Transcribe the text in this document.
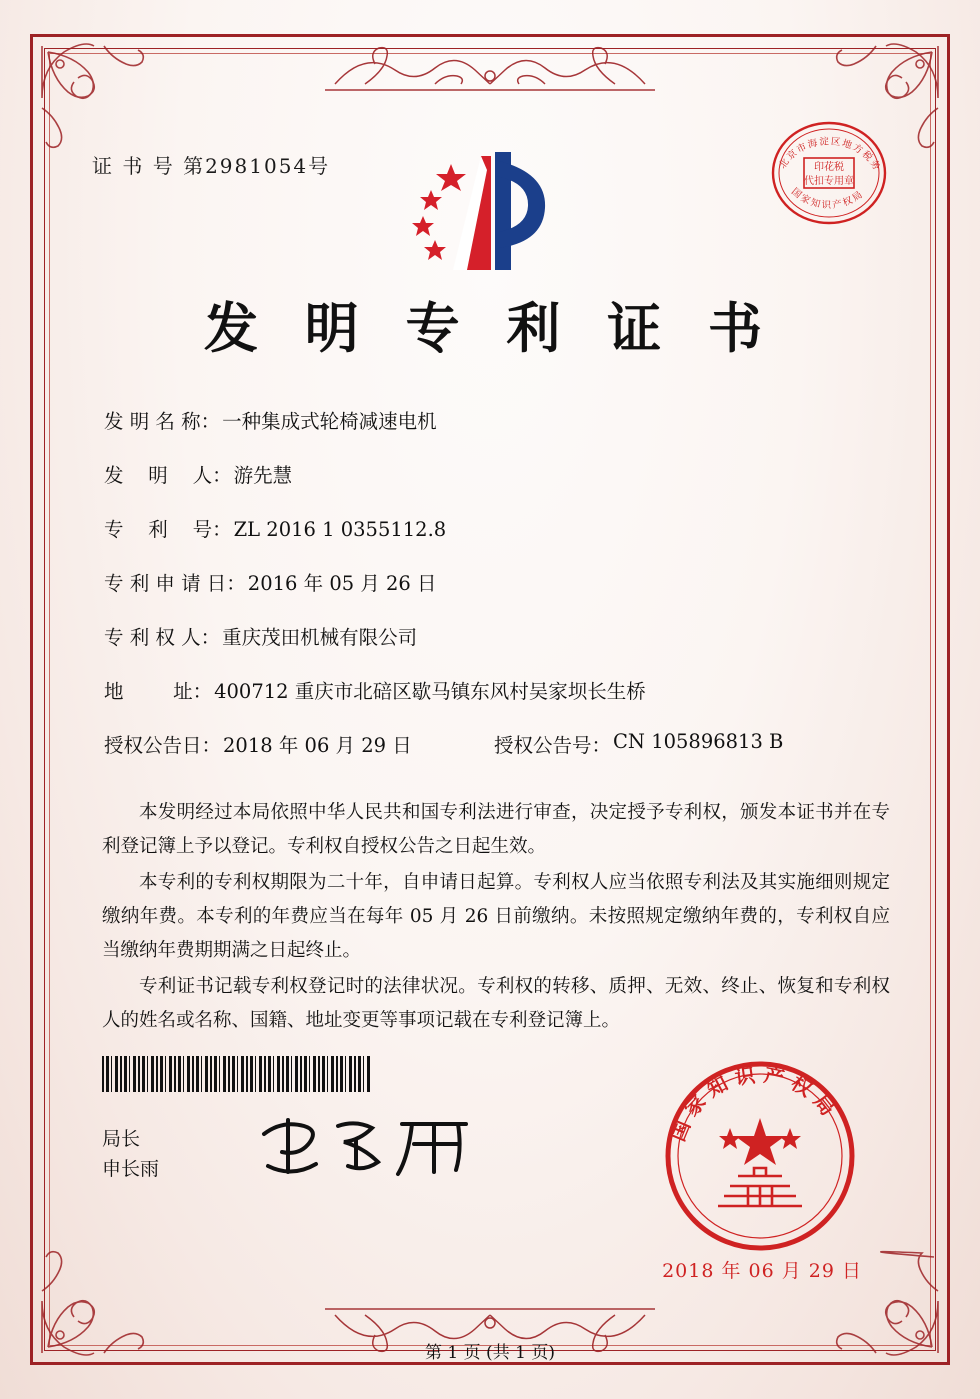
证 书 号 第2981054号	印花税
代扣专用章
北京市海淀区地方税务
国家知识产权局
发 明 专 利 证 书
发 明 名 称： 一种集成式轮椅减速电机
发    明    人： 游先慧
专    利    号： ZL 2016 1 0355112.8
专 利 申 请 日： 2016 年 05 月 26 日
专 利 权 人： 重庆茂田机械有限公司
地        址： 400712 重庆市北碚区歇马镇东风村吴家坝长生桥
授权公告日： 2018 年 06 月 29 日	授权公告号： CN 105896813 B

本发明经过本局依照中华人民共和国专利法进行审查，决定授予专利权，颁发本证书并在专利登记簿上予以登记。专利权自授权公告之日起生效。

本专利的专利权期限为二十年，自申请日起算。专利权人应当依照专利法及其实施细则规定缴纳年费。本专利的年费应当在每年 05 月 26 日前缴纳。未按照规定缴纳年费的，专利权自应当缴纳年费期期满之日起终止。

专利证书记载专利权登记时的法律状况。专利权的转移、质押、无效、终止、恢复和专利权人的姓名或名称、国籍、地址变更等事项记载在专利登记簿上。

局长
申长雨
国家知识产权局
2018 年 06 月 29 日
第 1 页 (共 1 页)
